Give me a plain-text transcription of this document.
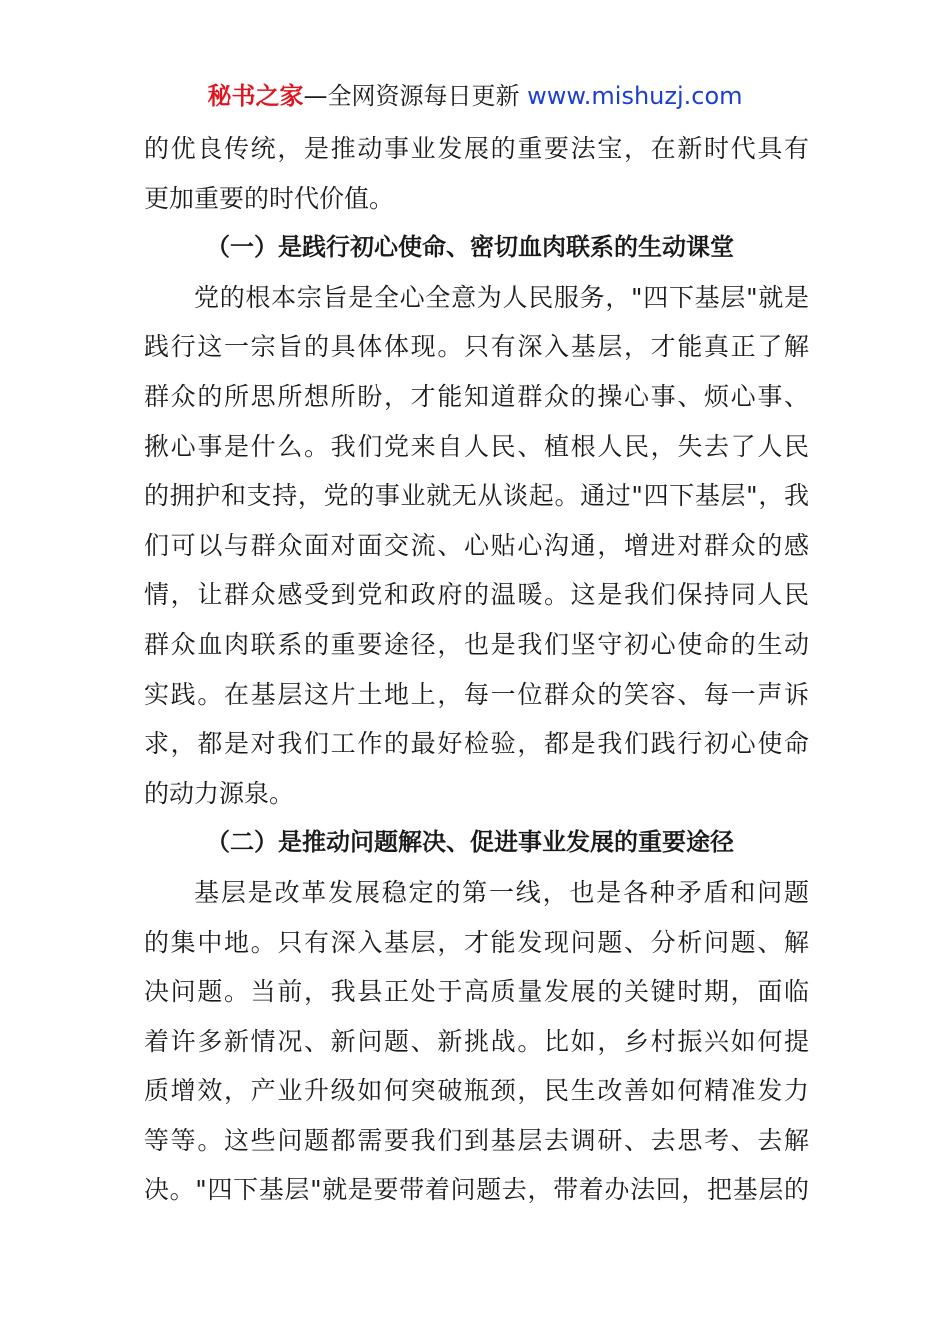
秘书之家—全网资源每日更新 www.mishuzj.com
的优良传统，是推动事业发展的重要法宝，在新时代具有
更加重要的时代价值。
（一）是践行初心使命、密切血肉联系的生动课堂
党的根本宗旨是全心全意为人民服务，"四下基层"就是
践行这一宗旨的具体体现。只有深入基层，才能真正了解
群众的所思所想所盼，才能知道群众的操心事、烦心事、
揪心事是什么。我们党来自人民、植根人民，失去了人民
的拥护和支持，党的事业就无从谈起。通过"四下基层"，我
们可以与群众面对面交流、心贴心沟通，增进对群众的感
情，让群众感受到党和政府的温暖。这是我们保持同人民
群众血肉联系的重要途径，也是我们坚守初心使命的生动
实践。在基层这片土地上，每一位群众的笑容、每一声诉
求，都是对我们工作的最好检验，都是我们践行初心使命
的动力源泉。
（二）是推动问题解决、促进事业发展的重要途径
基层是改革发展稳定的第一线，也是各种矛盾和问题
的集中地。只有深入基层，才能发现问题、分析问题、解
决问题。当前，我县正处于高质量发展的关键时期，面临
着许多新情况、新问题、新挑战。比如，乡村振兴如何提
质增效，产业升级如何突破瓶颈，民生改善如何精准发力
等等。这些问题都需要我们到基层去调研、去思考、去解
决。"四下基层"就是要带着问题去，带着办法回，把基层的
